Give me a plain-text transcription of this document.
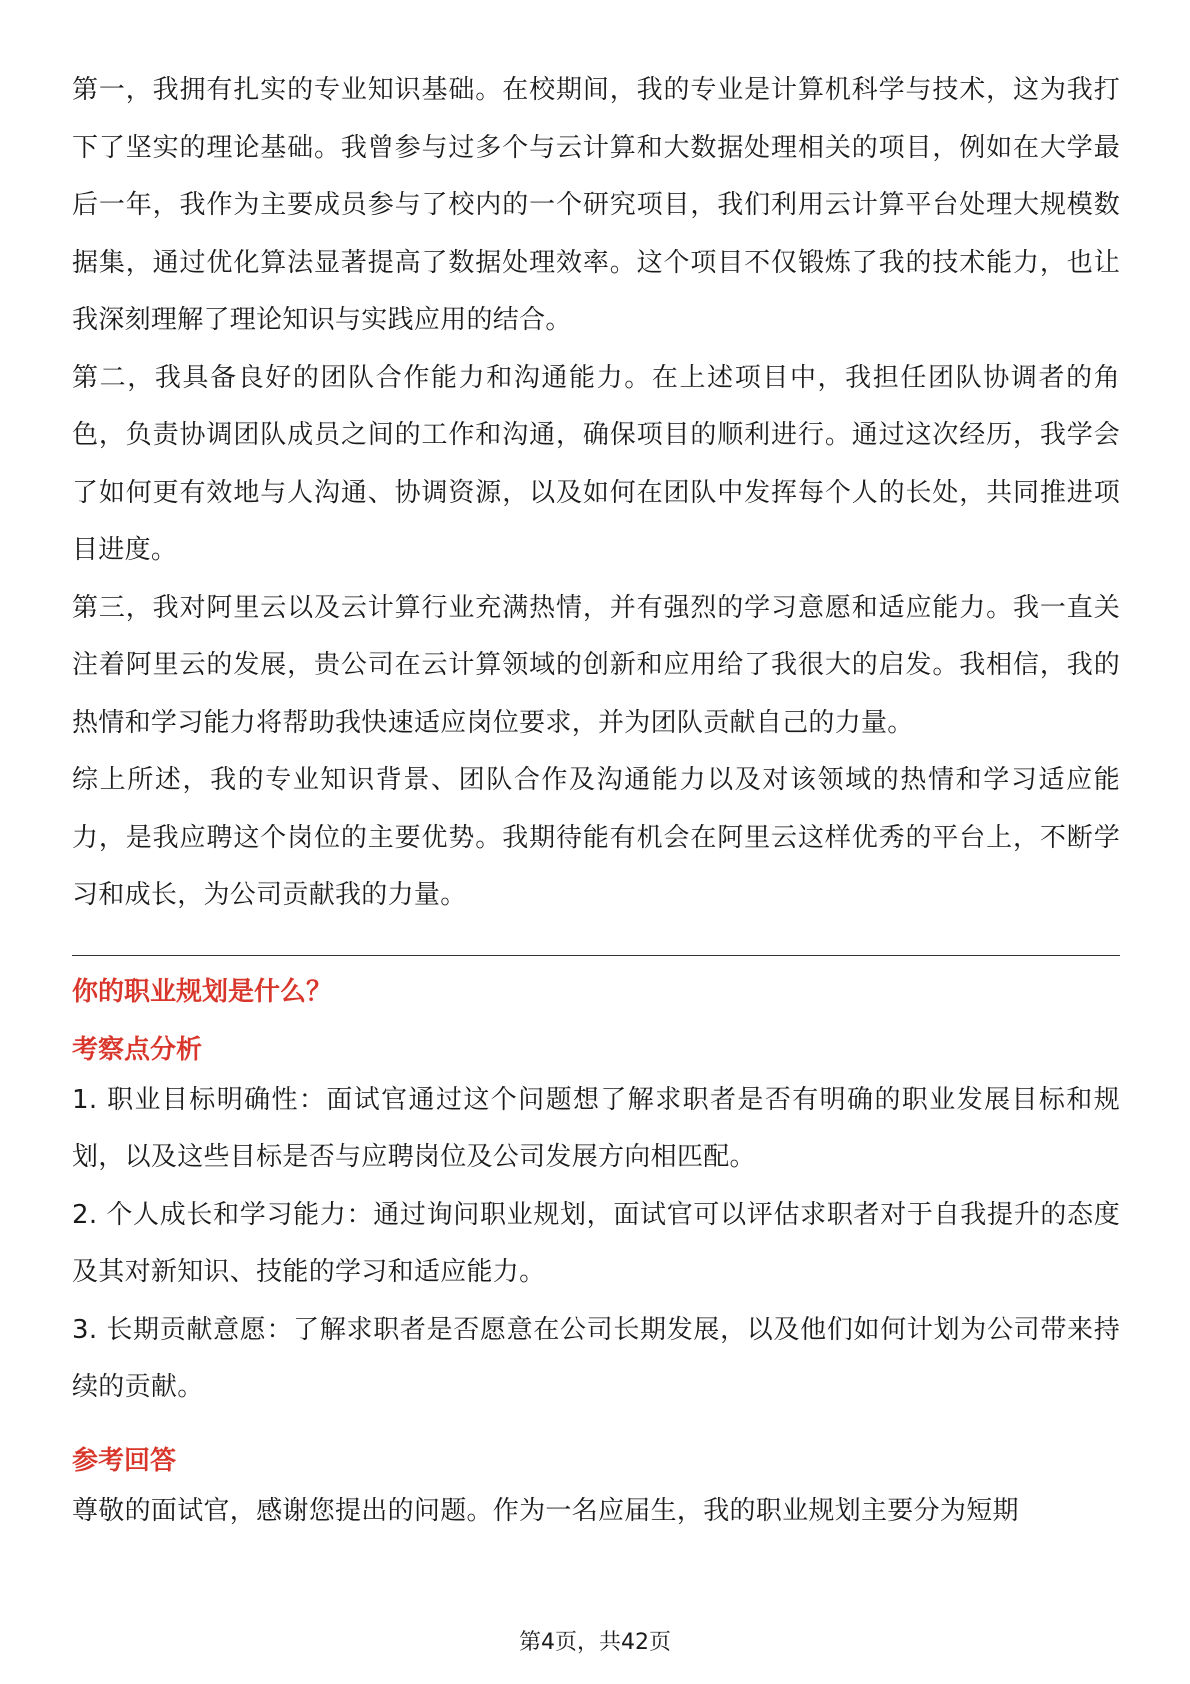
第一，我拥有扎实的专业知识基础。在校期间，我的专业是计算机科学与技术，这为我打下了坚实的理论基础。我曾参与过多个与云计算和大数据处理相关的项目，例如在大学最后一年，我作为主要成员参与了校内的一个研究项目，我们利用云计算平台处理大规模数据集，通过优化算法显著提高了数据处理效率。这个项目不仅锻炼了我的技术能力，也让我深刻理解了理论知识与实践应用的结合。

第二，我具备良好的团队合作能力和沟通能力。在上述项目中，我担任团队协调者的角色，负责协调团队成员之间的工作和沟通，确保项目的顺利进行。通过这次经历，我学会了如何更有效地与人沟通、协调资源，以及如何在团队中发挥每个人的长处，共同推进项目进度。

第三，我对阿里云以及云计算行业充满热情，并有强烈的学习意愿和适应能力。我一直关注着阿里云的发展，贵公司在云计算领域的创新和应用给了我很大的启发。我相信，我的热情和学习能力将帮助我快速适应岗位要求，并为团队贡献自己的力量。

综上所述，我的专业知识背景、团队合作及沟通能力以及对该领域的热情和学习适应能力，是我应聘这个岗位的主要优势。我期待能有机会在阿里云这样优秀的平台上，不断学习和成长，为公司贡献我的力量。

你的职业规划是什么？
考察点分析

1. 职业目标明确性：面试官通过这个问题想了解求职者是否有明确的职业发展目标和规划，以及这些目标是否与应聘岗位及公司发展方向相匹配。

2. 个人成长和学习能力：通过询问职业规划，面试官可以评估求职者对于自我提升的态度及其对新知识、技能的学习和适应能力。

3. 长期贡献意愿：了解求职者是否愿意在公司长期发展，以及他们如何计划为公司带来持续的贡献。

参考回答

尊敬的面试官，感谢您提出的问题。作为一名应届生，我的职业规划主要分为短期

第4页，共42页
